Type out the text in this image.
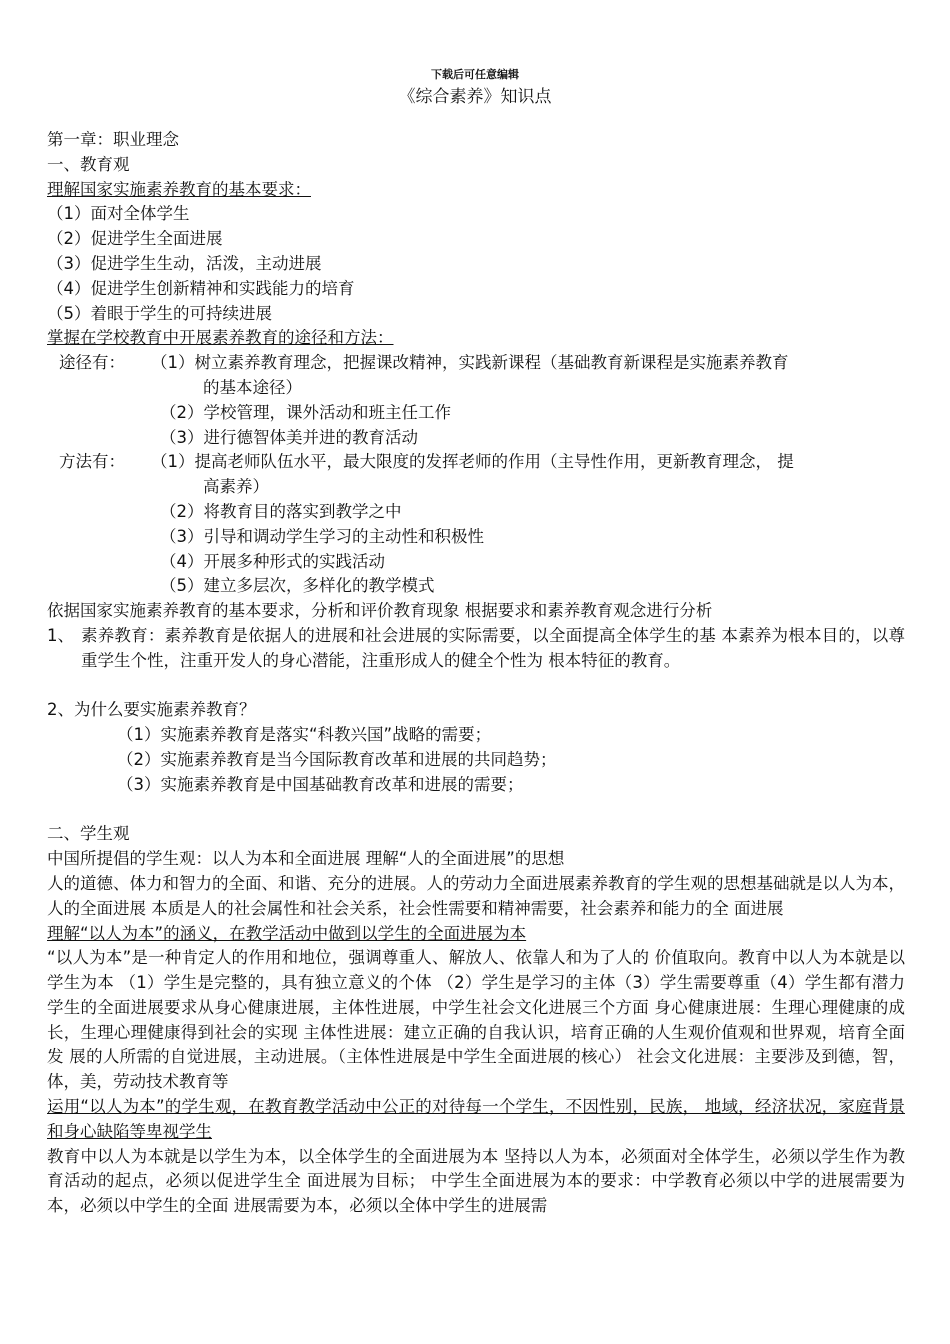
下载后可任意编辑
《综合素养》知识点
第一章：职业理念
一、教育观
理解国家实施素养教育的基本要求：
（1）面对全体学生
（2）促进学生全面进展
（3）促进学生生动，活泼，主动进展
（4）促进学生创新精神和实践能力的培育
（5）着眼于学生的可持续进展
掌握在学校教育中开展素养教育的途径和方法：
途径有： （1）树立素养教育理念，把握课改精神，实践新课程（基础教育新课程是实施素养教育
的基本途径）
（2）学校管理，课外活动和班主任工作
（3）进行德智体美并进的教育活动
方法有： （1）提高老师队伍水平，最大限度的发挥老师的作用（主导性作用，更新教育理念， 提
高素养）
（2）将教育目的落实到教学之中
（3）引导和调动学生学习的主动性和积极性
（4）开展多种形式的实践活动
（5）建立多层次，多样化的教学模式
依据国家实施素养教育的基本要求，分析和评价教育现象 根据要求和素养教育观念进行分析
1、 素养教育：素养教育是依据人的进展和社会进展的实际需要，以全面提高全体学生的基 本素养为根本目的，以尊重学生个性，注重开发人的身心潜能，注重形成人的健全个性为 根本特征的教育。
2、为什么要实施素养教育？
（1）实施素养教育是落实“科教兴国”战略的需要；
（2）实施素养教育是当今国际教育改革和进展的共同趋势；
（3）实施素养教育是中国基础教育改革和进展的需要；
二、学生观
中国所提倡的学生观：以人为本和全面进展 理解“人的全面进展”的思想
人的道德、体力和智力的全面、和谐、充分的进展。人的劳动力全面进展素养教育的学生观的思想基础就是以人为本，人的全面进展 本质是人的社会属性和社会关系，社会性需要和精神需要，社会素养和能力的全 面进展
理解“以人为本”的涵义，在教学活动中做到以学生的全面进展为本
“以人为本”是一种肯定人的作用和地位，强调尊重人、解放人、依靠人和为了人的 价值取向。教育中以人为本就是以学生为本 （1）学生是完整的，具有独立意义的个体 （2）学生是学习的主体（3）学生需要尊重（4）学生都有潜力 学生的全面进展要求从身心健康进展，主体性进展，中学生社会文化进展三个方面 身心健康进展：生理心理健康的成长，生理心理健康得到社会的实现 主体性进展：建立正确的自我认识，培育正确的人生观价值观和世界观，培育全面发 展的人所需的自觉进展，主动进展。（主体性进展是中学生全面进展的核心） 社会文化进展：主要涉及到德，智，体，美，劳动技术教育等
运用“以人为本”的学生观，在教育教学活动中公正的对待每一个学生，不因性别，民族， 地域，经济状况，家庭背景和身心缺陷等卑视学生
教育中以人为本就是以学生为本，以全体学生的全面进展为本 坚持以人为本，必须面对全体学生，必须以学生作为教育活动的起点，必须以促进学生全 面进展为目标； 中学生全面进展为本的要求：中学教育必须以中学的进展需要为本，必须以中学生的全面 进展需要为本，必须以全体中学生的进展需
